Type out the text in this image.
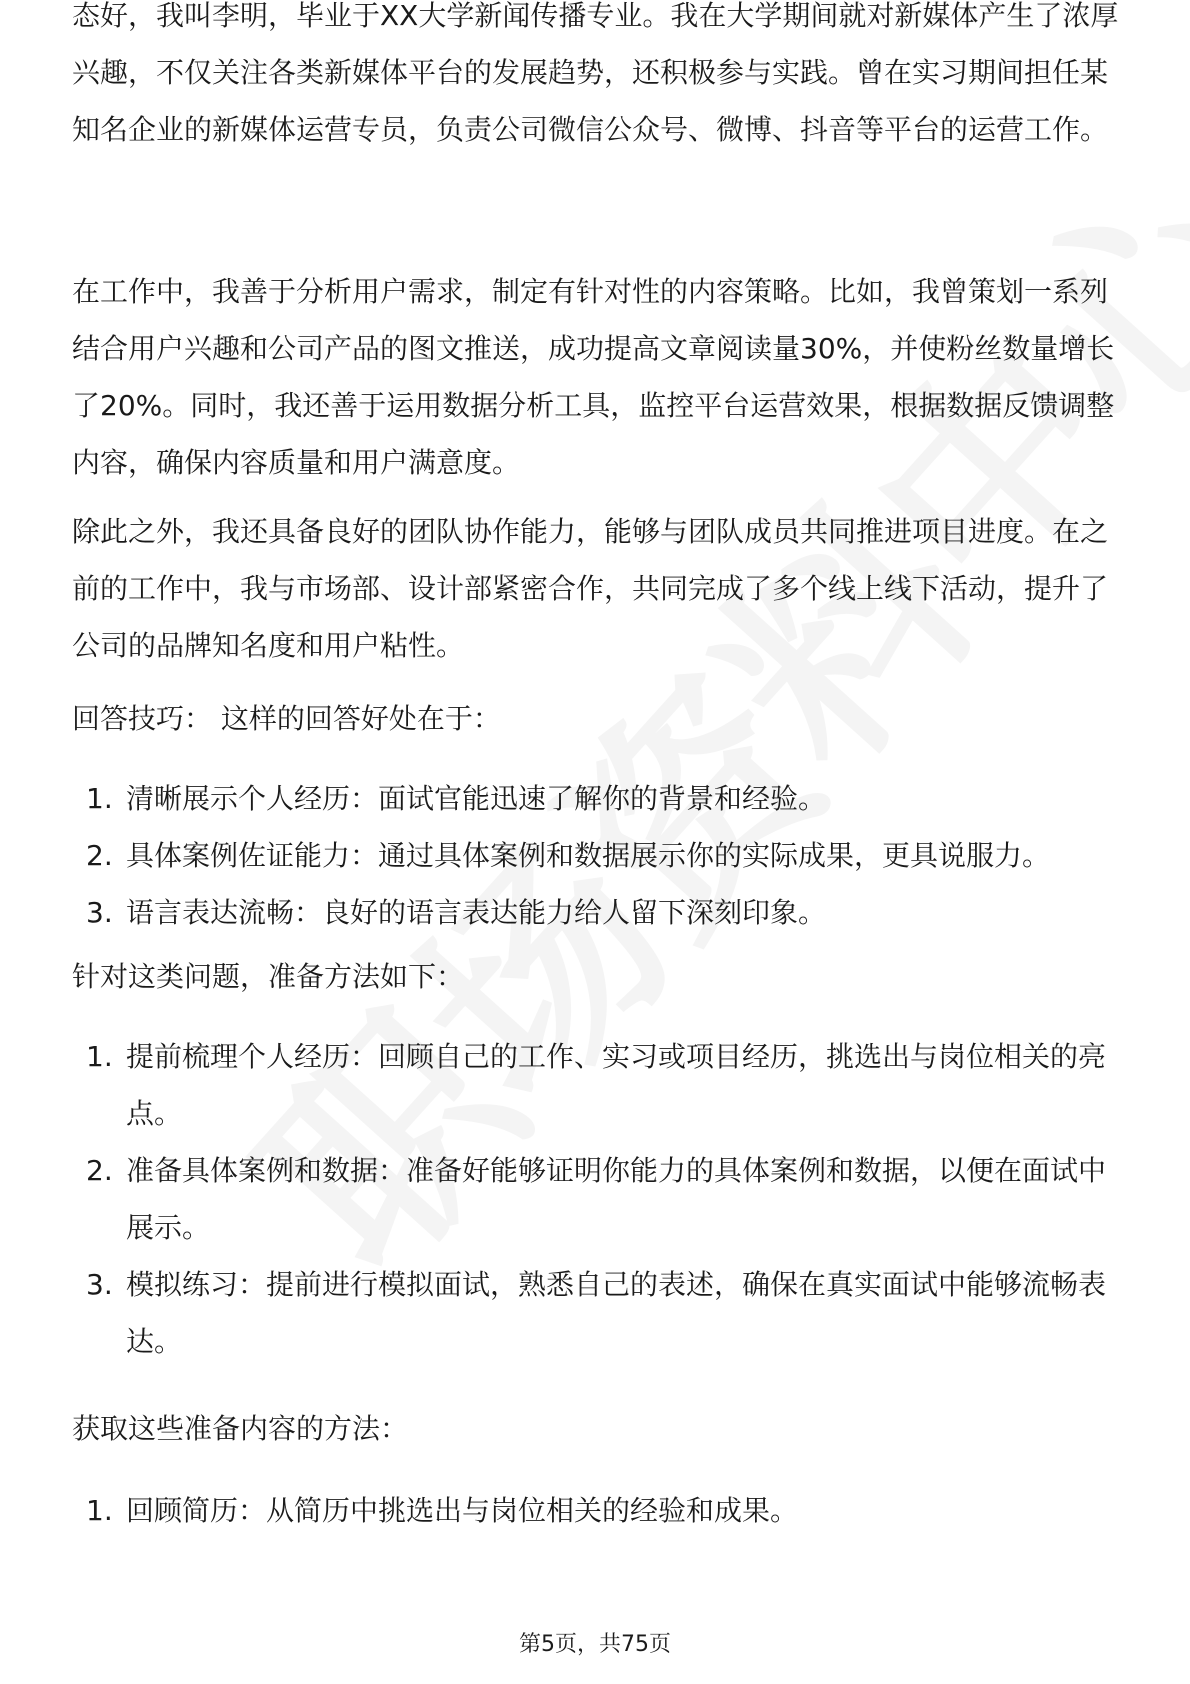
态好，我叫李明，毕业于XX大学新闻传播专业。我在大学期间就对新媒体产生了浓厚兴趣，不仅关注各类新媒体平台的发展趋势，还积极参与实践。曾在实习期间担任某知名企业的新媒体运营专员，负责公司微信公众号、微博、抖音等平台的运营工作。

在工作中，我善于分析用户需求，制定有针对性的内容策略。比如，我曾策划一系列结合用户兴趣和公司产品的图文推送，成功提高文章阅读量30%，并使粉丝数量增长了20%。同时，我还善于运用数据分析工具，监控平台运营效果，根据数据反馈调整内容，确保内容质量和用户满意度。

除此之外，我还具备良好的团队协作能力，能够与团队成员共同推进项目进度。在之前的工作中，我与市场部、设计部紧密合作，共同完成了多个线上线下活动，提升了公司的品牌知名度和用户粘性。

回答技巧： 这样的回答好处在于：

1. 清晰展示个人经历：面试官能迅速了解你的背景和经验。
2. 具体案例佐证能力：通过具体案例和数据展示你的实际成果，更具说服力。
3. 语言表达流畅：良好的语言表达能力给人留下深刻印象。

针对这类问题，准备方法如下：

1. 提前梳理个人经历：回顾自己的工作、实习或项目经历，挑选出与岗位相关的亮点。
2. 准备具体案例和数据：准备好能够证明你能力的具体案例和数据，以便在面试中展示。
3. 模拟练习：提前进行模拟面试，熟悉自己的表述，确保在真实面试中能够流畅表达。

获取这些准备内容的方法：

1. 回顾简历：从简历中挑选出与岗位相关的经验和成果。
第5页，共75页
